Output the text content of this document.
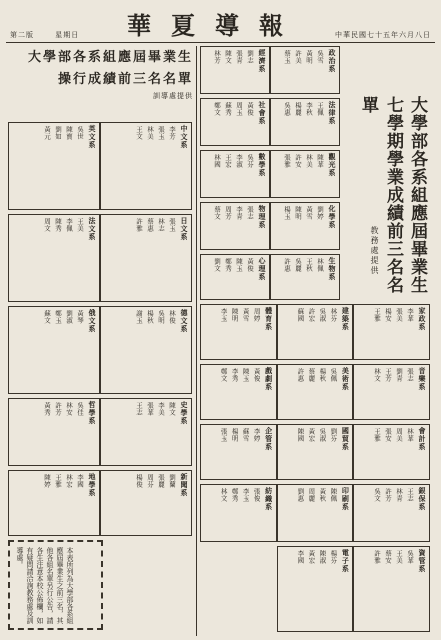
第二版	星期日	華夏導報	中華民國七十五年六月八日
大學部各系組應屆畢業生
操行成績前三名名單
訓導處提供	大學部各系組應屆畢業生
七學期學業成績前三名名單
教務處提供
中文系
李芳
張玉
林美
王文
英文系
吳世
陳寶
劉如
黃元
日文系
張玉
林志
蔡惠
許雅
法文系
王美
李佩
陳秀
周文
德文系
林俊
吳明
楊秋
謝玉
俄文系
黃琴
劉淑
鄭玉
蘇文
史學系
陳文
李美
張華
王志
哲學系
吳佳
林安
許芳
黃秀
新聞系
劉蘭
張麗
周芬
楊俊
地學系
李國
林宏
王雅
陳婷
政治系
吳雪
黃明
許美
蔡玉
經濟系
劉志
張青
陳文
林芳
法律系
王佩
李秋
楊麗
吳惠
社會系
黃俊
周玉
蘇秀
鄭文
觀光系
陳華
林美
許安
張雅
數學系
吳芬
李淑
王宏
林國
化學系
劉婷
黃雪
陳明
楊玉
物理系
張志
李青
周芳
蔡文
生物系
林佩
王秋
吳麗
許惠
心理系
黃俊
陳玉
鄭秀
劉文
家政系
李華
張美
楊安
王雅
建築系
林芬
吳淑
許宏
蘇國
體育系
周婷
黃雪
陳明
李玉
音樂系
張志
劉青
王芳
林文
美術系
吳佩
楊秋
蔡麗
許惠
戲劇系
黃俊
陳玉
李秀
鄭文
會計系
林華
周美
張安
王雅
國貿系
劉芬
吳淑
黃宏
陳國
企管系
李婷
蘇雪
楊明
張玉
銀保系
王志
林青
許芳
吳文
印刷系
陳佩
黃秋
周麗
劉惠
紡織系
張俊
李玉
鄭秀
林文
資管系
吳華
王美
蔡安
許雅
電子系
楊芬
陳淑
黃宏
李國
本表所列為大學部各系組應屆畢業生之前三名，其他各組名單另行公告，請各生注意本校公佈欄，如有疑問請洽詢教務處及訓導處。
